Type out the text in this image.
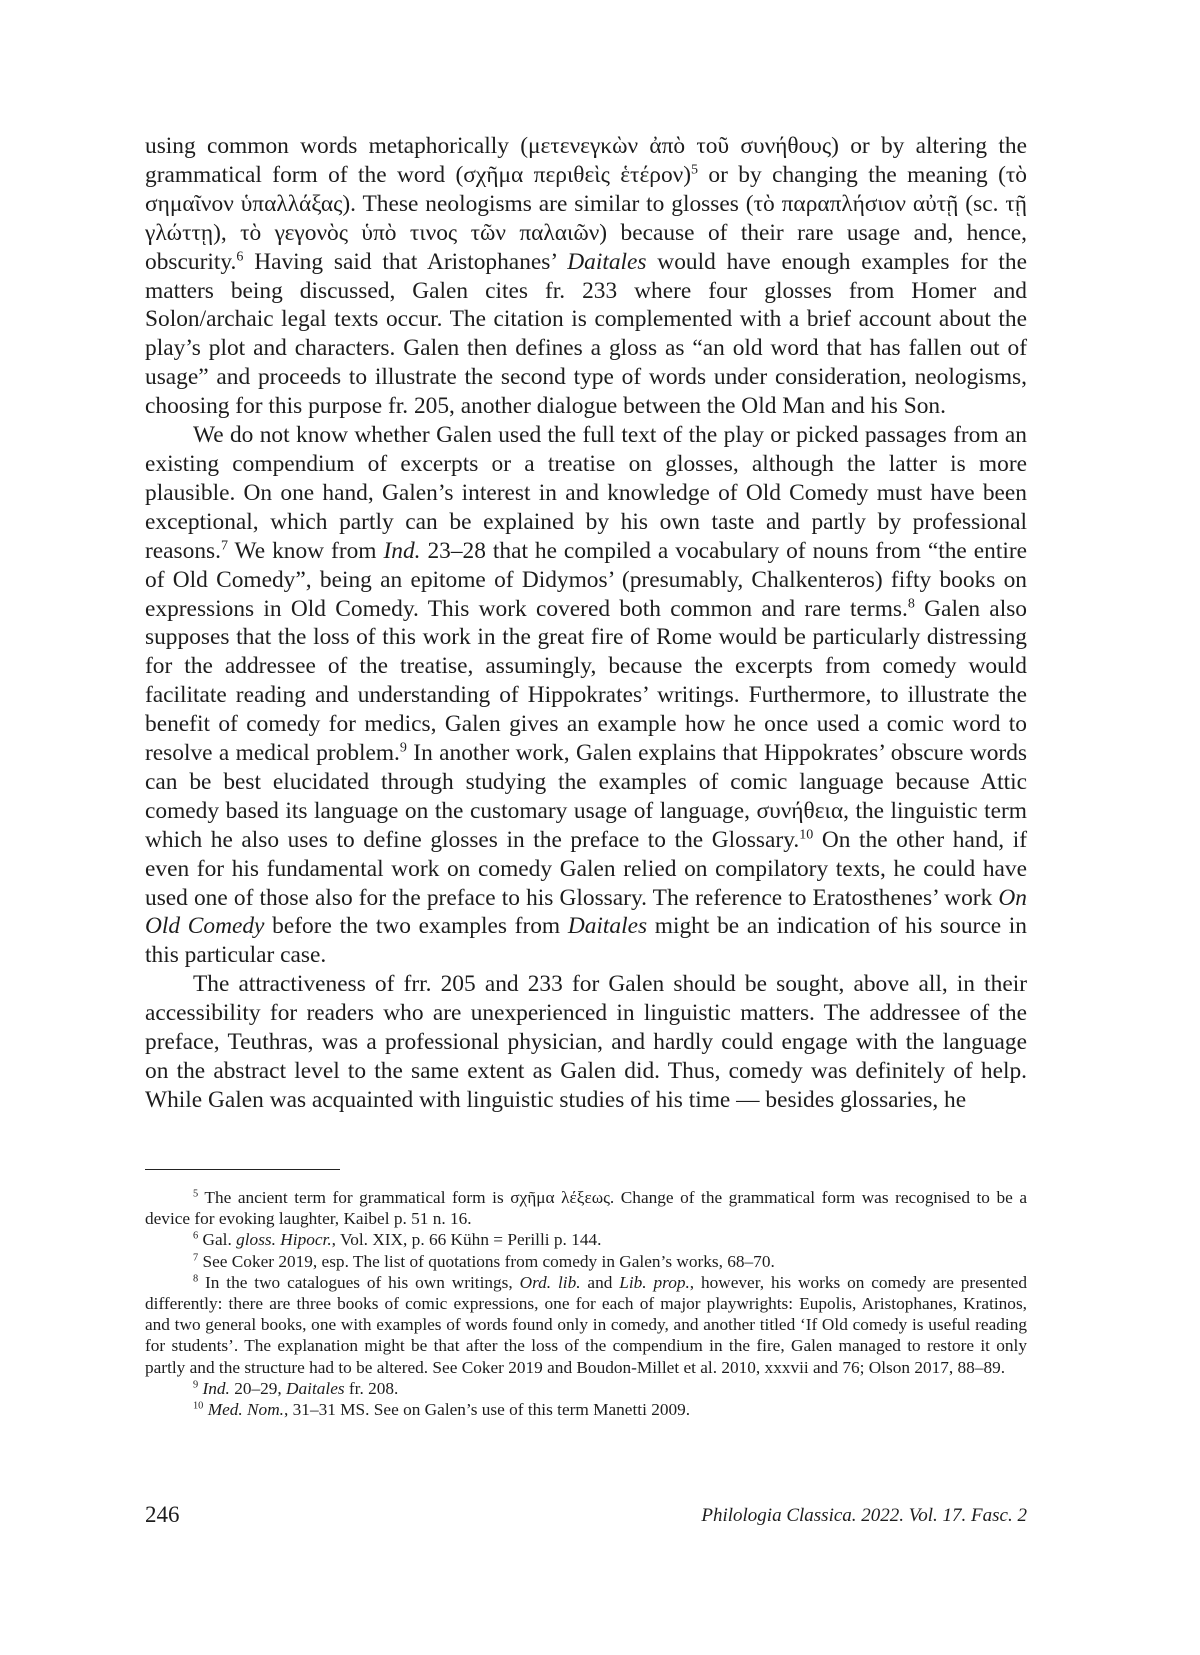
using common words metaphorically (μετενεγκὼν ἀπὸ τοῦ συνήθους) or by altering the grammatical form of the word (σχῆμα περιθεὶς ἑτέρον)$^5$ or by changing the meaning (τὸ σημαῖνον ὑπαλλάξας). These neologisms are similar to glosses (τὸ παραπλήσιον αὐτῇ (sc. τῇ γλώττῃ), τὸ γεγονὸς ὑπὸ τινος τῶν παλαιῶν) because of their rare usage and, hence, obscurity.$^6$ Having said that Aristophanes’ Daitales would have enough examples for the matters being discussed, Galen cites fr. 233 where four glosses from Homer and Solon/archaic legal texts occur. The citation is complemented with a brief account about the play’s plot and characters. Galen then defines a gloss as “an old word that has fallen out of usage” and proceeds to illustrate the second type of words under consideration, neologisms, choosing for this purpose fr. 205, another dialogue between the Old Man and his Son.

We do not know whether Galen used the full text of the play or picked passages from an existing compendium of excerpts or a treatise on glosses, although the latter is more plausible. On one hand, Galen’s interest in and knowledge of Old Comedy must have been exceptional, which partly can be explained by his own taste and partly by professional reasons.$^7$ We know from Ind. 23–28 that he compiled a vocabulary of nouns from “the entire of Old Comedy”, being an epitome of Didymos’ (presumably, Chalkenteros) fifty books on expressions in Old Comedy. This work covered both common and rare terms.$^8$ Galen also supposes that the loss of this work in the great fire of Rome would be particularly distressing for the addressee of the treatise, assumingly, because the excerpts from comedy would facilitate reading and understanding of Hippokrates’ writings. Furthermore, to illustrate the benefit of comedy for medics, Galen gives an example how he once used a comic word to resolve a medical problem.$^9$ In another work, Galen explains that Hippokrates’ obscure words can be best elucidated through studying the examples of comic language because Attic comedy based its language on the customary usage of language, συνήθεια, the linguistic term which he also uses to define glosses in the preface to the Glossary.$^{10}$ On the other hand, if even for his fundamental work on comedy Galen relied on compilatory texts, he could have used one of those also for the preface to his Glossary. The reference to Eratosthenes’ work On Old Comedy before the two examples from Daitales might be an indication of his source in this particular case.

The attractiveness of frr. 205 and 233 for Galen should be sought, above all, in their accessibility for readers who are unexperienced in linguistic matters. The addressee of the preface, Teuthras, was a professional physician, and hardly could engage with the language on the abstract level to the same extent as Galen did. Thus, comedy was definitely of help. While Galen was acquainted with linguistic studies of his time — besides glossaries, he

$^5$ The ancient term for grammatical form is σχῆμα λέξεως. Change of the grammatical form was recognised to be a device for evoking laughter, Kaibel p. 51 n. 16.

$^6$ Gal. gloss. Hipocr., Vol. XIX, p. 66 Kühn = Perilli p. 144.

$^7$ See Coker 2019, esp. The list of quotations from comedy in Galen’s works, 68–70.

$^8$ In the two catalogues of his own writings, Ord. lib. and Lib. prop., however, his works on comedy are presented differently: there are three books of comic expressions, one for each of major playwrights: Eupolis, Aristophanes, Kratinos, and two general books, one with examples of words found only in comedy, and another titled ‘If Old comedy is useful reading for students’. The explanation might be that after the loss of the compendium in the fire, Galen managed to restore it only partly and the structure had to be altered. See Coker 2019 and Boudon-Millet et al. 2010, xxxvii and 76; Olson 2017, 88–89.

$^9$ Ind. 20–29, Daitales fr. 208.

$^{10}$ Med. Nom., 31–31 MS. See on Galen’s use of this term Manetti 2009.

246	Philologia Classica. 2022. Vol. 17. Fasc. 2
